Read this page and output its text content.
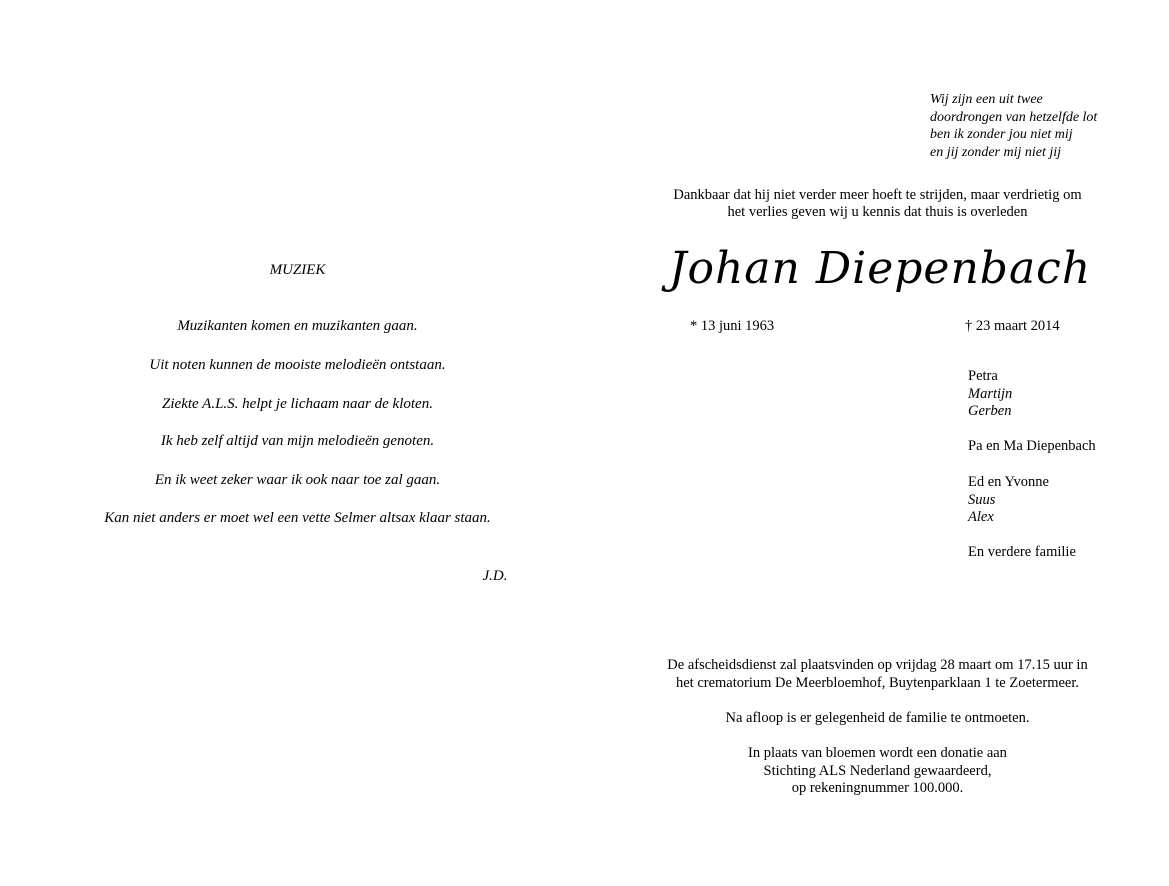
MUZIEK
Muzikanten komen en muzikanten gaan.
Uit noten kunnen de mooiste melodieën ontstaan.
Ziekte A.L.S. helpt je lichaam naar de kloten.
Ik heb zelf altijd van mijn melodieën genoten.
En ik weet zeker waar ik ook naar toe zal gaan.
Kan niet anders er moet wel een vette Selmer altsax klaar staan.
J.D.
Wij zijn een uit twee
doordrongen van hetzelfde lot
ben ik zonder jou niet mij
en jij zonder mij niet jij
Dankbaar dat hij niet verder meer hoeft te strijden, maar verdrietig om
het verlies geven wij u kennis dat thuis is overleden
Johan Diepenbach
* 13 juni 1963	† 23 maart 2014
Petra
Martijn
Gerben
Pa en Ma Diepenbach
Ed en Yvonne
Suus
Alex
En verdere familie
De afscheidsdienst zal plaatsvinden op vrijdag 28 maart om 17.15 uur in
het crematorium De Meerbloemhof, Buytenparklaan 1 te Zoetermeer.
Na afloop is er gelegenheid de familie te ontmoeten.
In plaats van bloemen wordt een donatie aan
Stichting ALS Nederland gewaardeerd,
op rekeningnummer 100.000.
